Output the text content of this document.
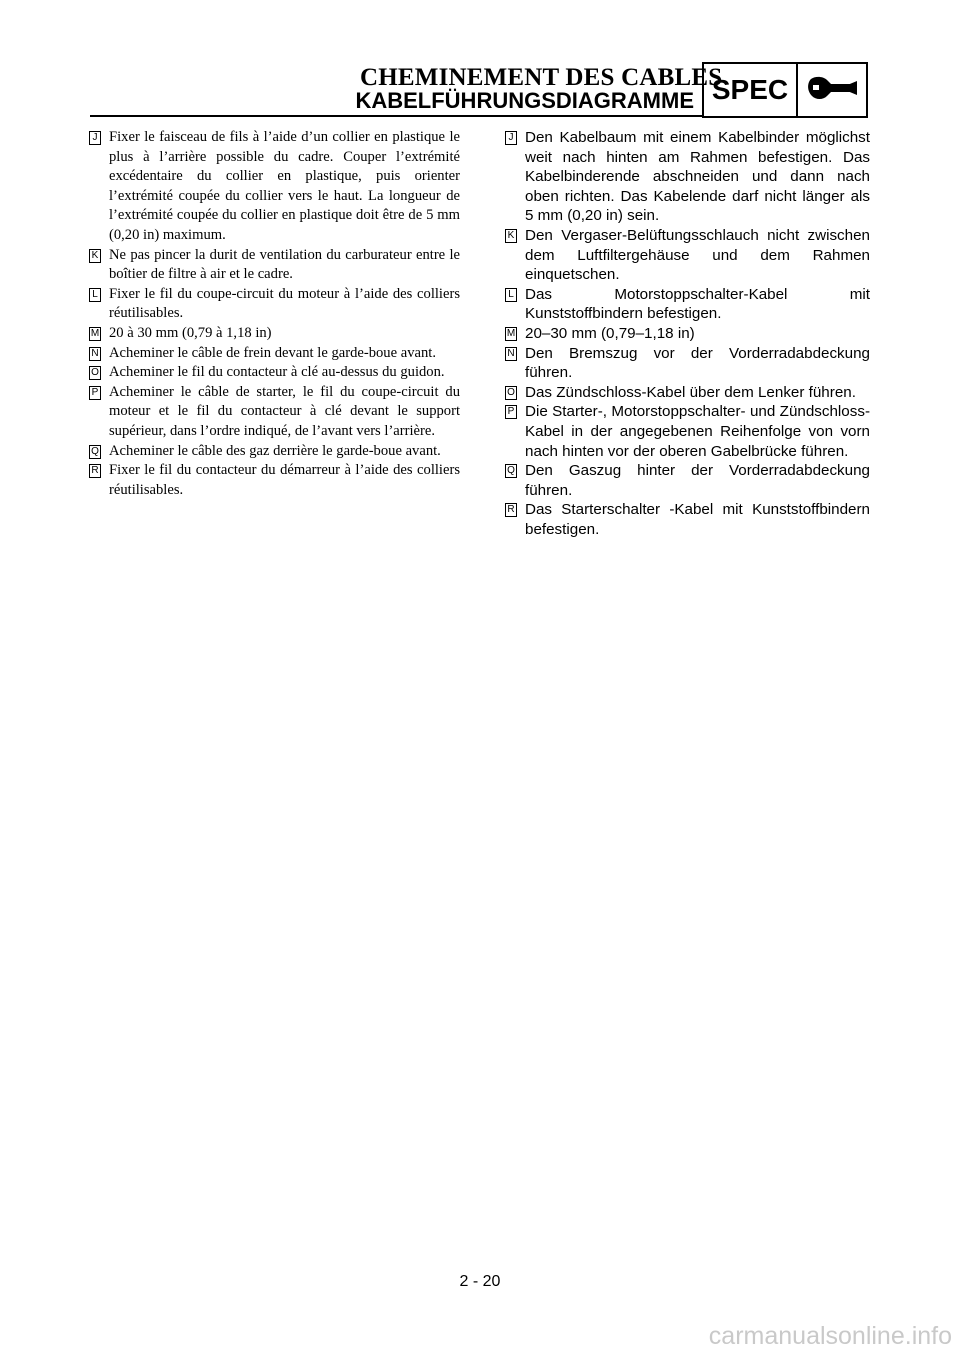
CHEMINEMENT DES CABLES
KABELFÜHRUNGSDIAGRAMME SPEC

J Fixer le faisceau de fils à l’aide d’un collier en plastique le plus à l’arrière possible du cadre. Couper l’extrémité excédentaire du collier en plastique, puis orienter l’extrémité coupée du collier vers le haut. La longueur de l’extrémité coupée du collier en plastique doit être de 5 mm (0,20 in) maximum.

K Ne pas pincer la durit de ventilation du carburateur entre le boîtier de filtre à air et le cadre.

L Fixer le fil du coupe-circuit du moteur à l’aide des colliers réutilisables.

M 20 à 30 mm (0,79 à 1,18 in)

N Acheminer le câble de frein devant le garde-boue avant.

O Acheminer le fil du contacteur à clé au-dessus du guidon.

P Acheminer le câble de starter, le fil du coupe-circuit du moteur et le fil du contacteur à clé devant le support supérieur, dans l’ordre indiqué, de l’avant vers l’arrière.

Q Acheminer le câble des gaz derrière le garde-boue avant.

R Fixer le fil du contacteur du démarreur à l’aide des colliers réutilisables.

J Den Kabelbaum mit einem Kabelbinder möglichst weit nach hinten am Rahmen befestigen. Das Kabelbinderende abschneiden und dann nach oben richten. Das Kabelende darf nicht länger als 5 mm (0,20 in) sein.

K Den Vergaser-Belüftungsschlauch nicht zwischen dem Luftfiltergehäuse und dem Rahmen einquetschen.

L Das Motorstoppschalter-Kabel mit Kunststoffbindern befestigen.

M 20–30 mm (0,79–1,18 in)

N Den Bremszug vor der Vorderradabdeckung führen.

O Das Zündschloss-Kabel über dem Lenker führen.

P Die Starter-, Motorstoppschalter- und Zündschloss-Kabel in der angegebenen Reihenfolge von vorn nach hinten vor der oberen Gabelbrücke führen.

Q Den Gaszug hinter der Vorderradabdeckung führen.

R Das Starterschalter -Kabel mit Kunststoffbindern befestigen.

2 - 20
carmanualsonline.info
